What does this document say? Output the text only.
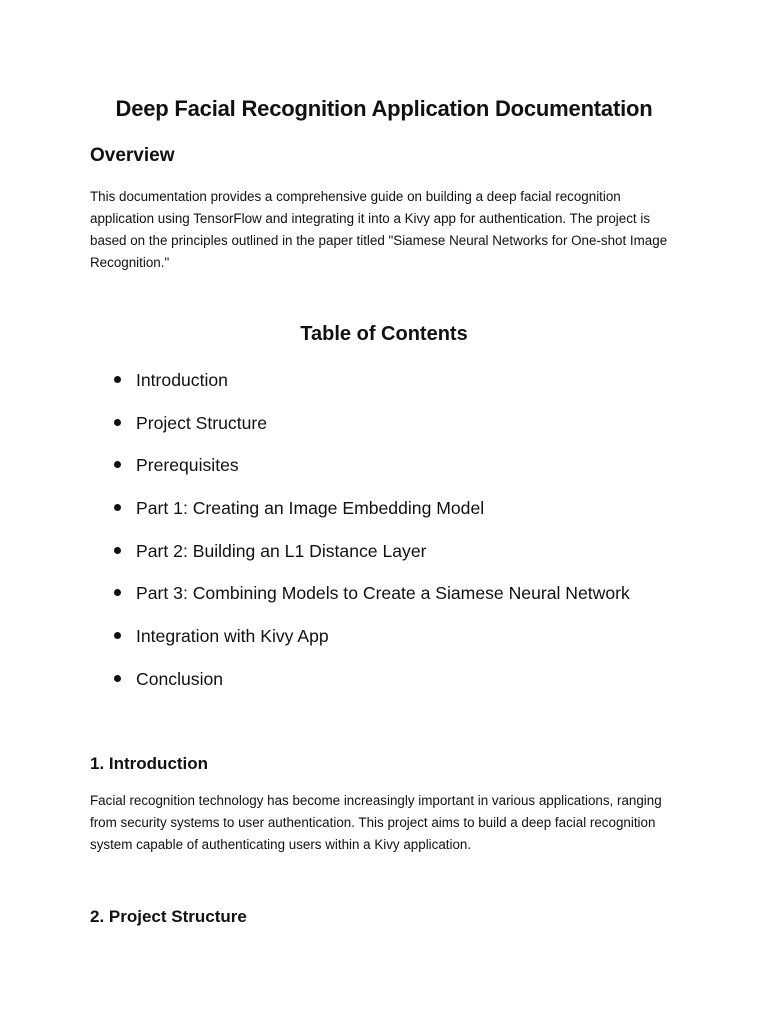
Deep Facial Recognition Application Documentation
Overview

This documentation provides a comprehensive guide on building a deep facial recognition application using TensorFlow and integrating it into a Kivy app for authentication. The project is based on the principles outlined in the paper titled "Siamese Neural Networks for One-shot Image Recognition."

Table of Contents
Introduction
Project Structure
Prerequisites
Part 1: Creating an Image Embedding Model
Part 2: Building an L1 Distance Layer
Part 3: Combining Models to Create a Siamese Neural Network
Integration with Kivy App
Conclusion
1. Introduction

Facial recognition technology has become increasingly important in various applications, ranging from security systems to user authentication. This project aims to build a deep facial recognition system capable of authenticating users within a Kivy application.

2. Project Structure
